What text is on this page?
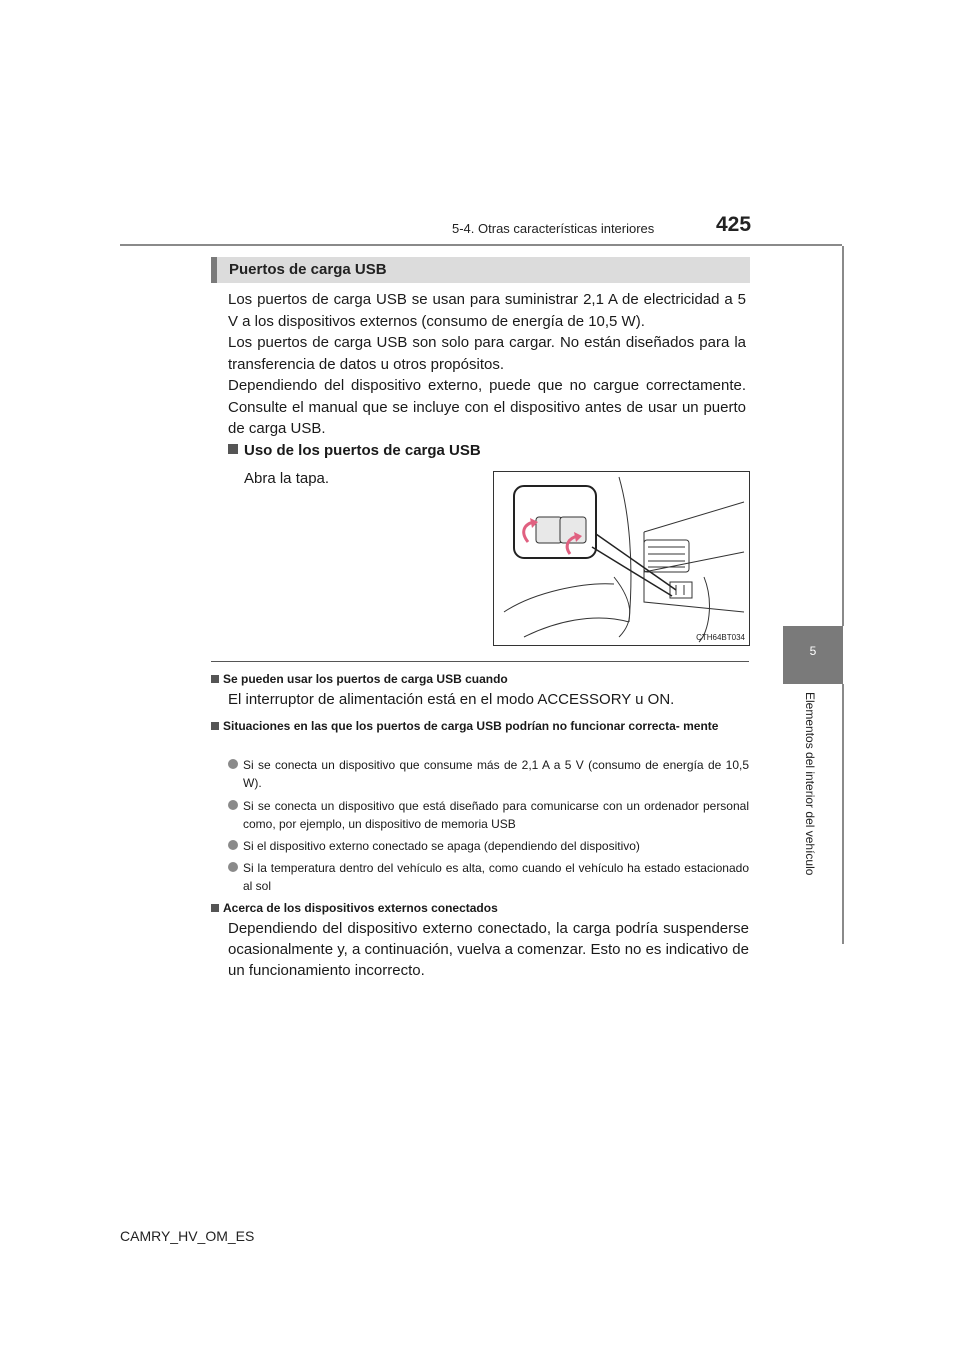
5-4. Otras características interiores	425
5
Elementos del interior del vehículo
Puertos de carga USB

Los puertos de carga USB se usan para suministrar 2,1 A de electricidad a 5 V a los dispositivos externos (consumo de energía de 10,5 W).

Los puertos de carga USB son solo para cargar. No están diseñados para la transferencia de datos u otros propósitos.

Dependiendo del dispositivo externo, puede que no cargue correctamente. Consulte el manual que se incluye con el dispositivo antes de usar un puerto de carga USB.

Uso de los puertos de carga USB
Abra la tapa.
CTH64BT034
Se pueden usar los puertos de carga USB cuando
El interruptor de alimentación está en el modo ACCESSORY u ON.
Situaciones en las que los puertos de carga USB podrían no funcionar correcta- mente
Si se conecta un dispositivo que consume más de 2,1 A a 5 V (consumo de energía de 10,5 W).
Si se conecta un dispositivo que está diseñado para comunicarse con un ordenador personal como, por ejemplo, un dispositivo de memoria USB
Si el dispositivo externo conectado se apaga (dependiendo del dispositivo)
Si la temperatura dentro del vehículo es alta, como cuando el vehículo ha estado estacionado al sol
Acerca de los dispositivos externos conectados
Dependiendo del dispositivo externo conectado, la carga podría suspenderse ocasionalmente y, a continuación, vuelva a comenzar. Esto no es indicativo de un funcionamiento incorrecto.
CAMRY_HV_OM_ES
